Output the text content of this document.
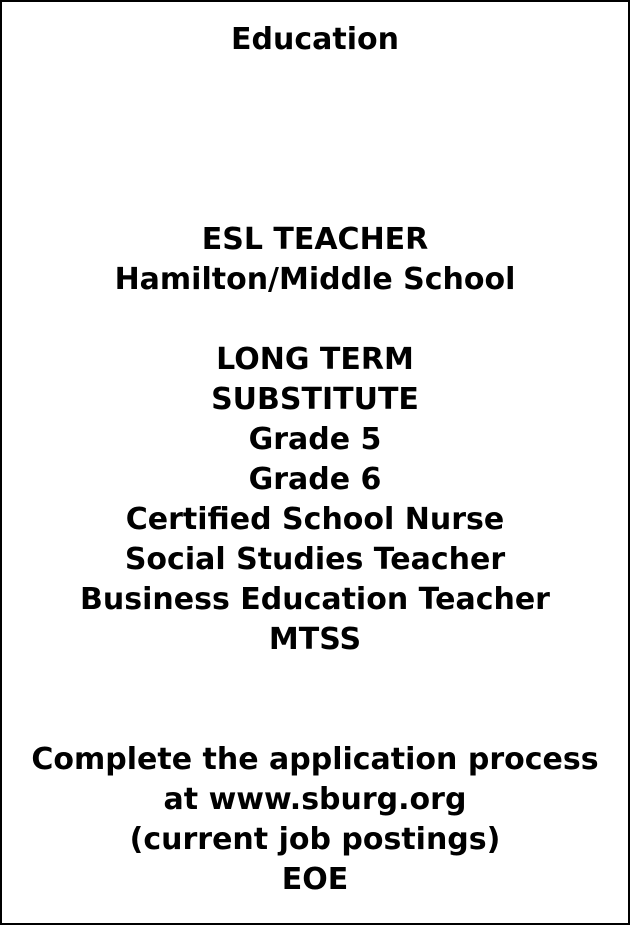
Education
ESL TEACHER
Hamilton/Middle School
LONG TERM
SUBSTITUTE
Grade 5
Grade 6
Certified School Nurse
Social Studies Teacher
Business Education Teacher
MTSS
Complete the application process
at www.sburg.org
(current job postings)
EOE
